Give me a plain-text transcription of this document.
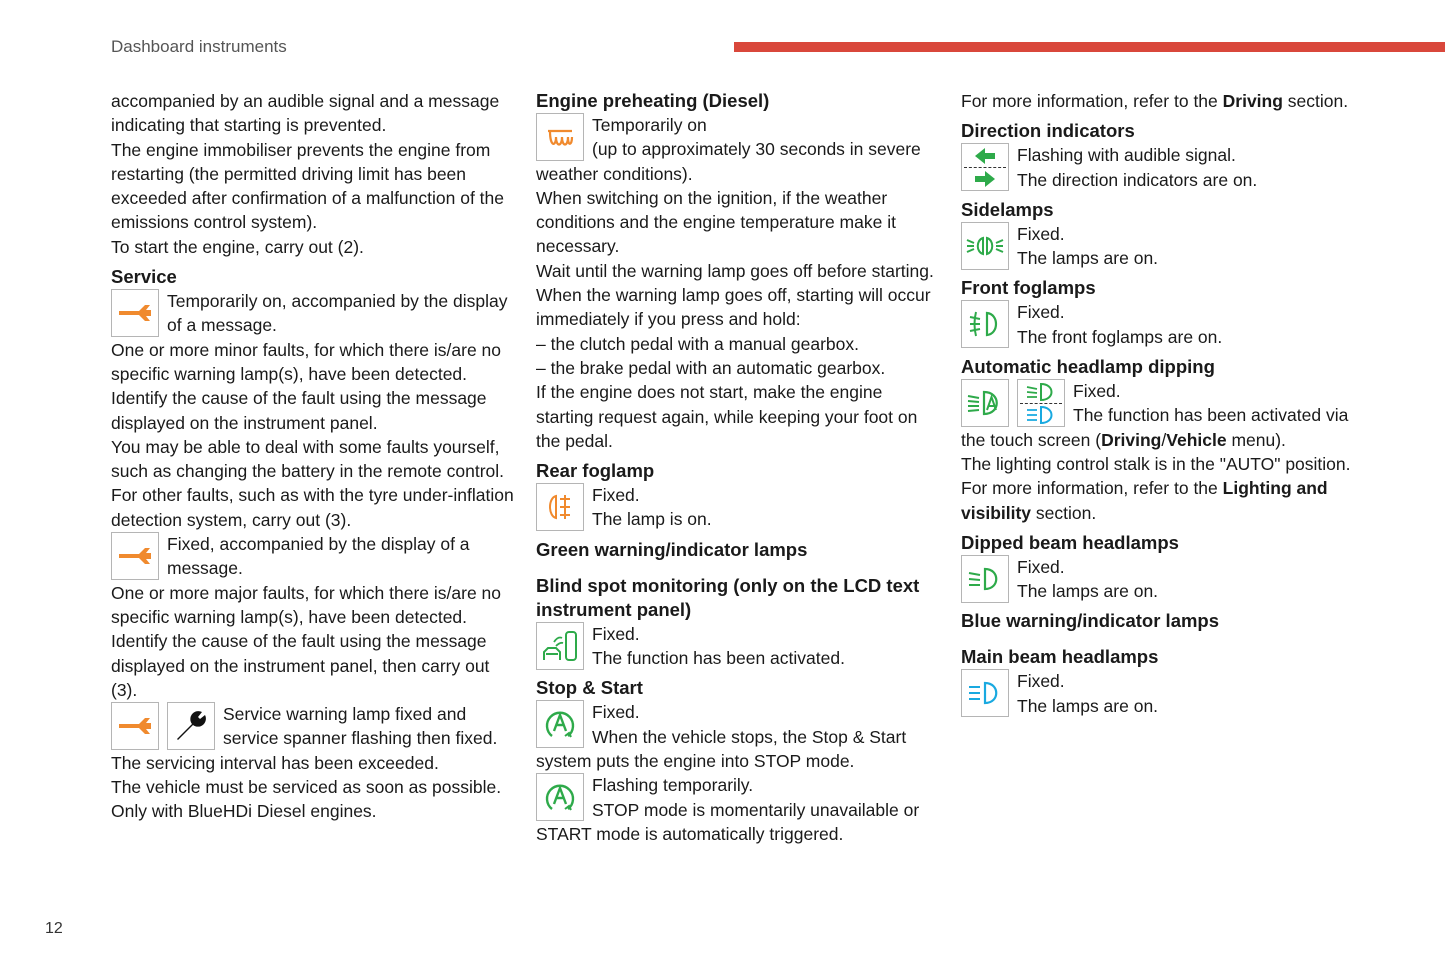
Dashboard instruments

accompanied by an audible signal and a message indicating that starting is prevented.

The engine immobiliser prevents the engine from restarting (the permitted driving limit has been exceeded after confirmation of a malfunction of the emissions control system).

To start the engine, carry out (2).

Service

Temporarily on, accompanied by the display of a message.

One or more minor faults, for which there is/are no specific warning lamp(s), have been detected.

Identify the cause of the fault using the message displayed on the instrument panel.

You may be able to deal with some faults yourself, such as changing the battery in the remote control.

For other faults, such as with the tyre under-inflation detection system, carry out (3).

Fixed, accompanied by the display of a message.

One or more major faults, for which there is/are no specific warning lamp(s), have been detected.

Identify the cause of the fault using the message displayed on the instrument panel, then carry out (3).

Service warning lamp fixed and service spanner flashing then fixed.

The servicing interval has been exceeded.

The vehicle must be serviced as soon as possible.

Only with BlueHDi Diesel engines.

Engine preheating (Diesel)

Temporarily on

(up to approximately 30 seconds in severe weather conditions).

When switching on the ignition, if the weather conditions and the engine temperature make it necessary.

Wait until the warning lamp goes off before starting.

When the warning lamp goes off, starting will occur immediately if you press and hold:

– the clutch pedal with a manual gearbox.

– the brake pedal with an automatic gearbox.

If the engine does not start, make the engine starting request again, while keeping your foot on the pedal.

Rear foglamp

Fixed.

The lamp is on.

Green warning/indicator lamps
Blind spot monitoring (only on the LCD text instrument panel)

Fixed.

The function has been activated.

Stop & Start

Fixed.

When the vehicle stops, the Stop & Start system puts the engine into STOP mode.

Flashing temporarily.

STOP mode is momentarily unavailable or START mode is automatically triggered.

For more information, refer to the Driving section.

Direction indicators

Flashing with audible signal.

The direction indicators are on.

Sidelamps

Fixed.

The lamps are on.

Front foglamps

Fixed.

The front foglamps are on.

Automatic headlamp dipping

Fixed.

The function has been activated via the touch screen (Driving/Vehicle menu).

The lighting control stalk is in the "AUTO" position.

For more information, refer to the Lighting and visibility section.

Dipped beam headlamps

Fixed.

The lamps are on.

Blue warning/indicator lamps
Main beam headlamps

Fixed.

The lamps are on.

12
